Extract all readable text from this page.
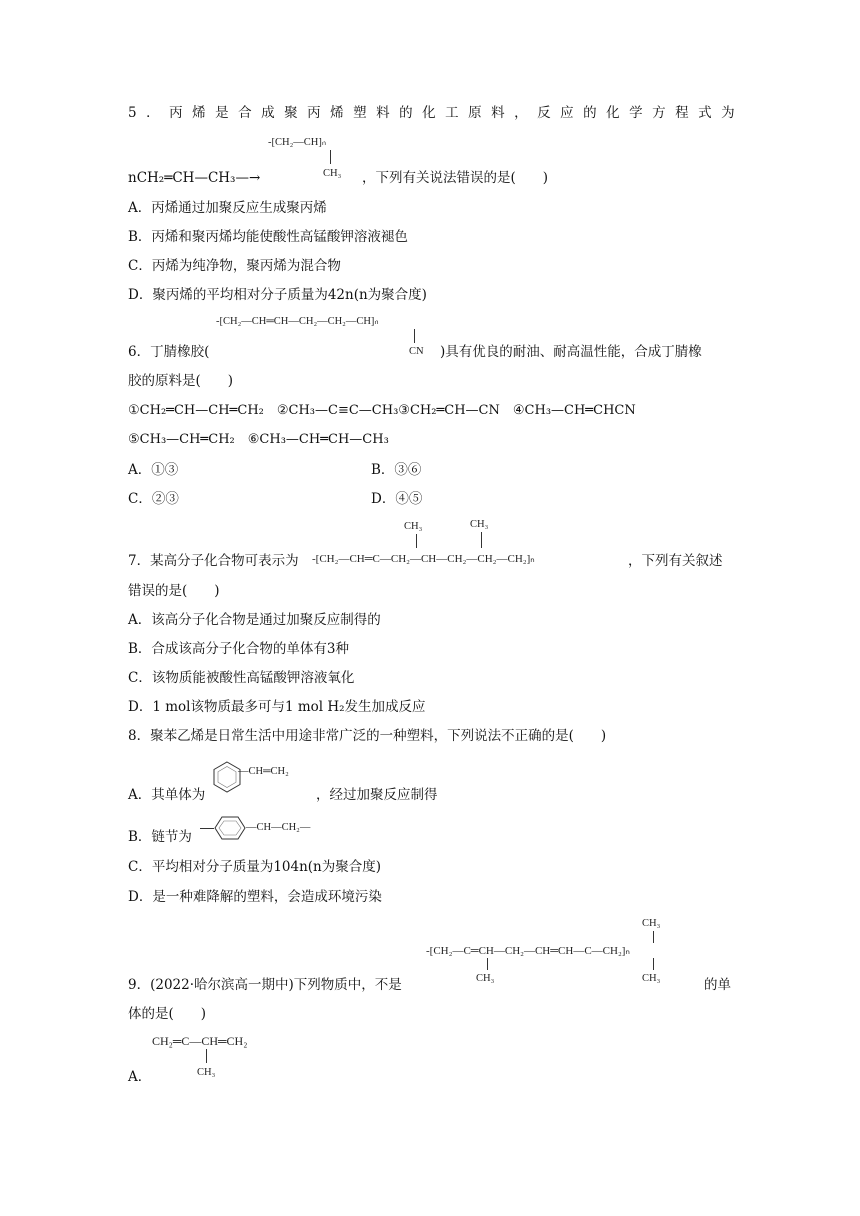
5．丙烯是合成聚丙烯塑料的化工原料，反应的化学方程式为
-[CH₂—CH]ₙ
CH₃
nCH₂═CH—CH₃—→	，下列有关说法错误的是(　　)
A．丙烯通过加聚反应生成聚丙烯
B．丙烯和聚丙烯均能使酸性高锰酸钾溶液褪色
C．丙烯为纯净物，聚丙烯为混合物
D．聚丙烯的平均相对分子质量为42n(n为聚合度)
-[CH₂—CH═CH—CH₂—CH₂—CH]ₙ
6．丁腈橡胶(	CN )具有优良的耐油、耐高温性能，合成丁腈橡
胶的原料是(　　)
①CH₂═CH—CH═CH₂　②CH₃—C≡C—CH₃③CH₂═CH—CN　④CH₃—CH═CHCN
⑤CH₃—CH═CH₂　⑥CH₃—CH═CH—CH₃
A．①③	B．③⑥
C．②③	D．④⑤
CH₃	CH₃
7．某高分子化合物可表示为 -[CH₂—CH═C—CH₂—CH—CH₂—CH₂—CH₂]ₙ	，下列有关叙述
错误的是(　　)
A．该高分子化合物是通过加聚反应制得的
B．合成该高分子化合物的单体有3种
C．该物质能被酸性高锰酸钾溶液氧化
D．1 mol该物质最多可与1 mol H₂发生加成反应
8．聚苯乙烯是日常生活中用途非常广泛的一种塑料，下列说法不正确的是(　　)
—CH═CH₂
A．其单体为	，经过加聚反应制得
B．链节为
—CH—CH₂—
C．平均相对分子质量为104n(n为聚合度)
D．是一种难降解的塑料，会造成环境污染
CH₃
-[CH₂—C═CH—CH₂—CH═CH—C—CH₂]ₙ
CH₃	CH₃
9．(2022·哈尔滨高一期中)下列物质中，不是	的单
体的是(　　)
CH₂═C—CH═CH₂
A．	CH₃
